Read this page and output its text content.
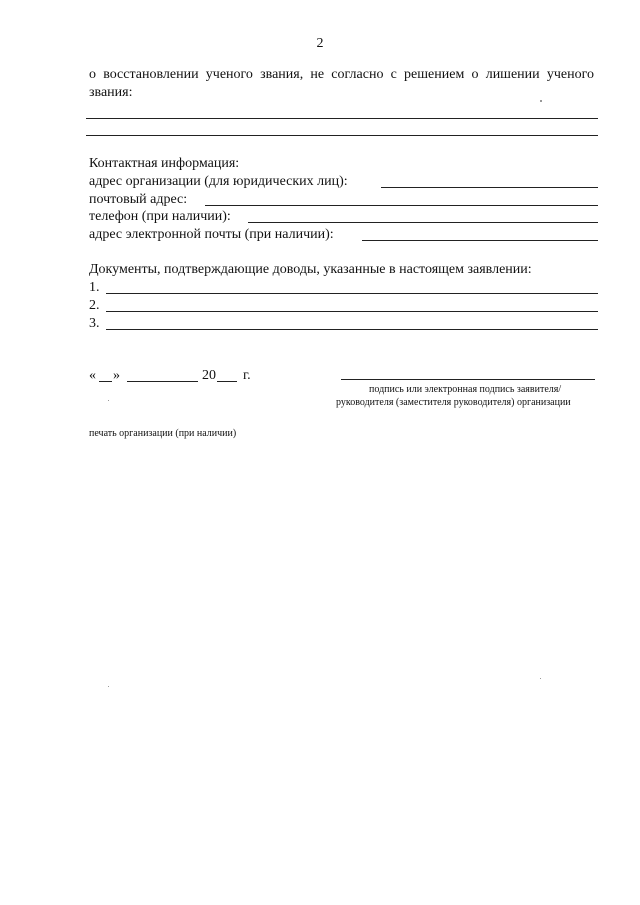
2
о восстановлении ученого звания, не согласно с решением о лишении ученого звания:
Контактная информация:
адрес организации (для юридических лиц):
почтовый адрес:
телефон (при наличии):
адрес электронной почты (при наличии):
Документы, подтверждающие доводы, указанные в настоящем заявлении:
1.
2.
3.
« »	20 г.
подпись или электронная подпись заявителя/
руководителя (заместителя руководителя) организации
печать организации (при наличии)
